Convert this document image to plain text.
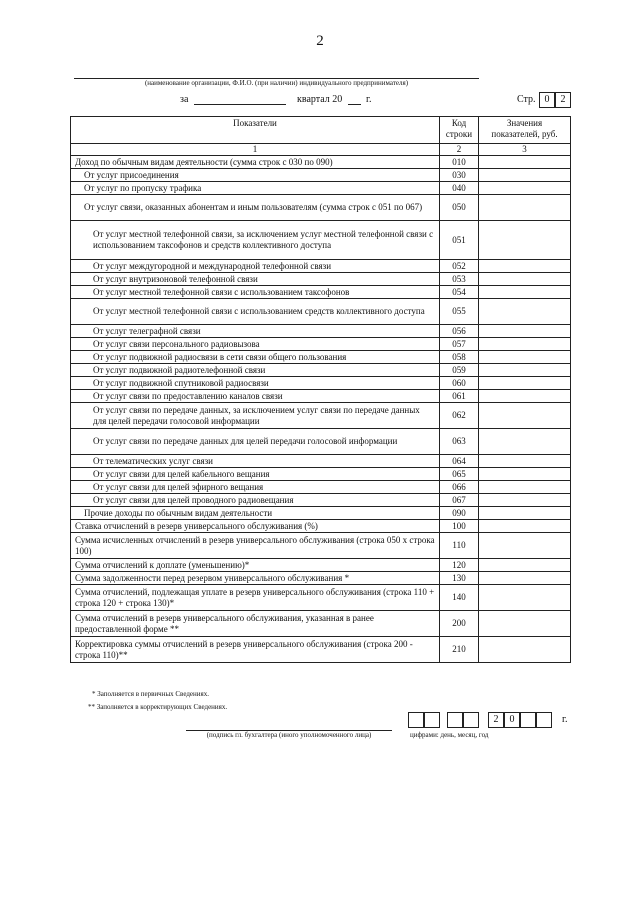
2
(наименование организации, Ф.И.О. (при наличии) индивидуального предпринимателя)
за	квартал 20 г.	Стр. 0	2
Показатели	Код строки	Значения показателей, руб.
1	2	3
Доход по обычным видам деятельности (сумма строк с 030 по 090)	010	
От услуг присоединения	030	
От услуг по пропуску трафика	040	
От услуг связи, оказанных абонентам и иным пользователям (сумма строк с 051 по 067)	050	
От услуг местной телефонной связи, за исключением услуг местной телефонной связи с использованием таксофонов и средств коллективного доступа	051	
От услуг междугородной и международной телефонной связи	052	
От услуг внутризоновой телефонной связи	053	
От услуг местной телефонной связи с использованием таксофонов	054	
От услуг местной телефонной связи с использованием средств коллективного доступа	055	
От услуг телеграфной связи	056	
От услуг связи персонального радиовызова	057	
От услуг подвижной радиосвязи в сети связи общего пользования	058	
От услуг подвижной радиотелефонной связи	059	
От услуг подвижной спутниковой радиосвязи	060	
От услуг связи по предоставлению каналов связи	061	
От услуг связи по передаче данных, за исключением услуг связи по передаче данных для целей передачи голосовой информации	062	
От услуг связи по передаче данных для целей передачи голосовой информации	063	
От телематических услуг связи	064	
От услуг связи для целей кабельного вещания	065	
От услуг связи для целей эфирного вещания	066	
От услуг связи для целей проводного радиовещания	067	
Прочие доходы по обычным видам деятельности	090	
Ставка отчислений в резерв универсального обслуживания (%)	100	
Сумма исчисленных отчислений в резерв универсального обслуживания (строка 050 х строка 100)	110	
Сумма отчислений к доплате (уменьшению)*	120	
Сумма задолженности перед резервом универсального обслуживания *	130	
Сумма отчислений, подлежащая уплате в резерв универсального обслуживания (строка 110 + строка 120 + строка 130)*	140	
Сумма отчислений в резерв универсального обслуживания, указанная в ранее предоставленной форме **	200	
Корректировка суммы отчислений в резерв универсального обслуживания (строка 200 - строка 110)**	210	
* Заполняется в первичных Сведениях.
** Заполняется в корректирующих Сведениях.
(подпись гл. бухгалтера (иного уполномоченного лица)
2	0	г.
цифрами: день, месяц, год
